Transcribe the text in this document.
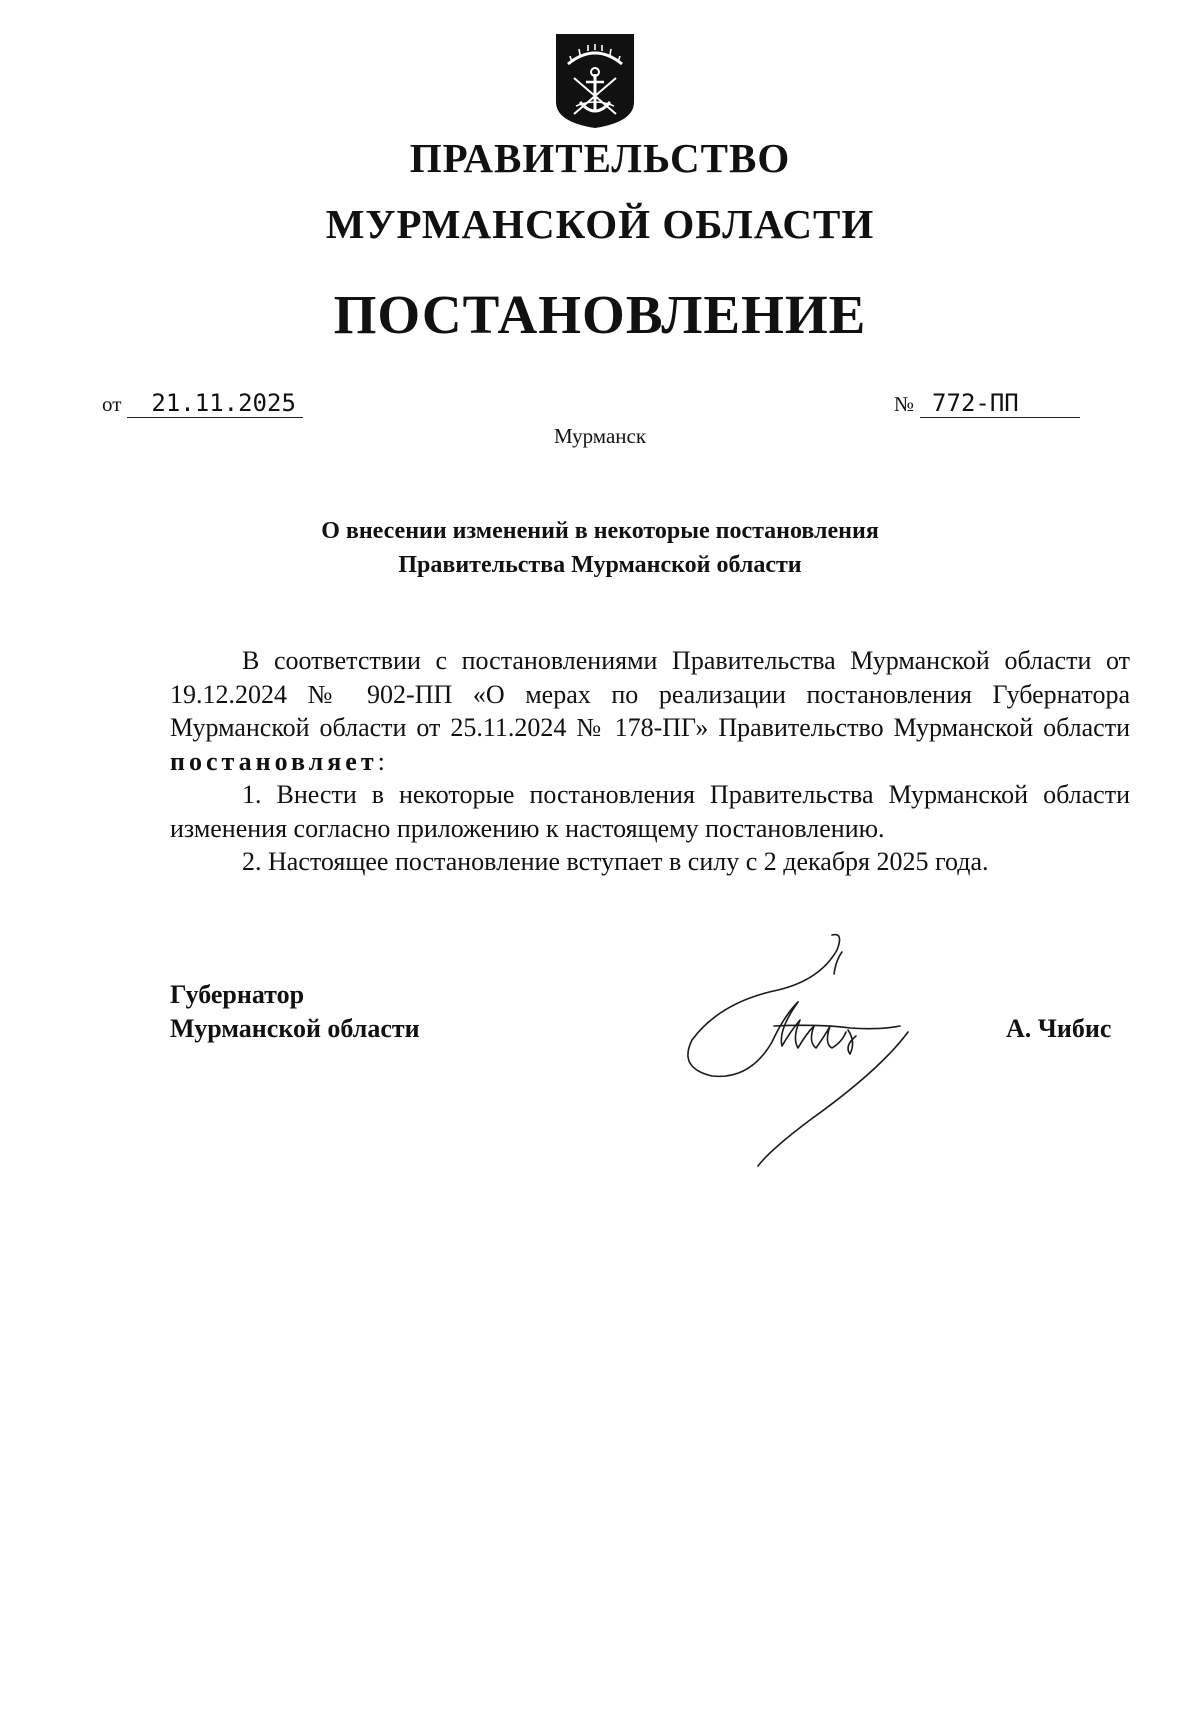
ПРАВИТЕЛЬСТВО
МУРМАНСКОЙ ОБЛАСТИ
ПОСТАНОВЛЕНИЕ
от	21.11.2025	№ 772-ПП
Мурманск
О внесении изменений в некоторые постановления
Правительства Мурманской области

В соответствии с постановлениями Правительства Мурманской области от 19.12.2024 № 902-ПП «О мерах по реализации постановления Губернатора Мурманской области от 25.11.2024 № 178-ПГ» Правительство Мурманской области постановляет:

1. Внести в некоторые постановления Правительства Мурманской области изменения согласно приложению к настоящему постановлению.

2. Настоящее постановление вступает в силу с 2 декабря 2025 года.

Губернатор
Мурманской области	А. Чибис
